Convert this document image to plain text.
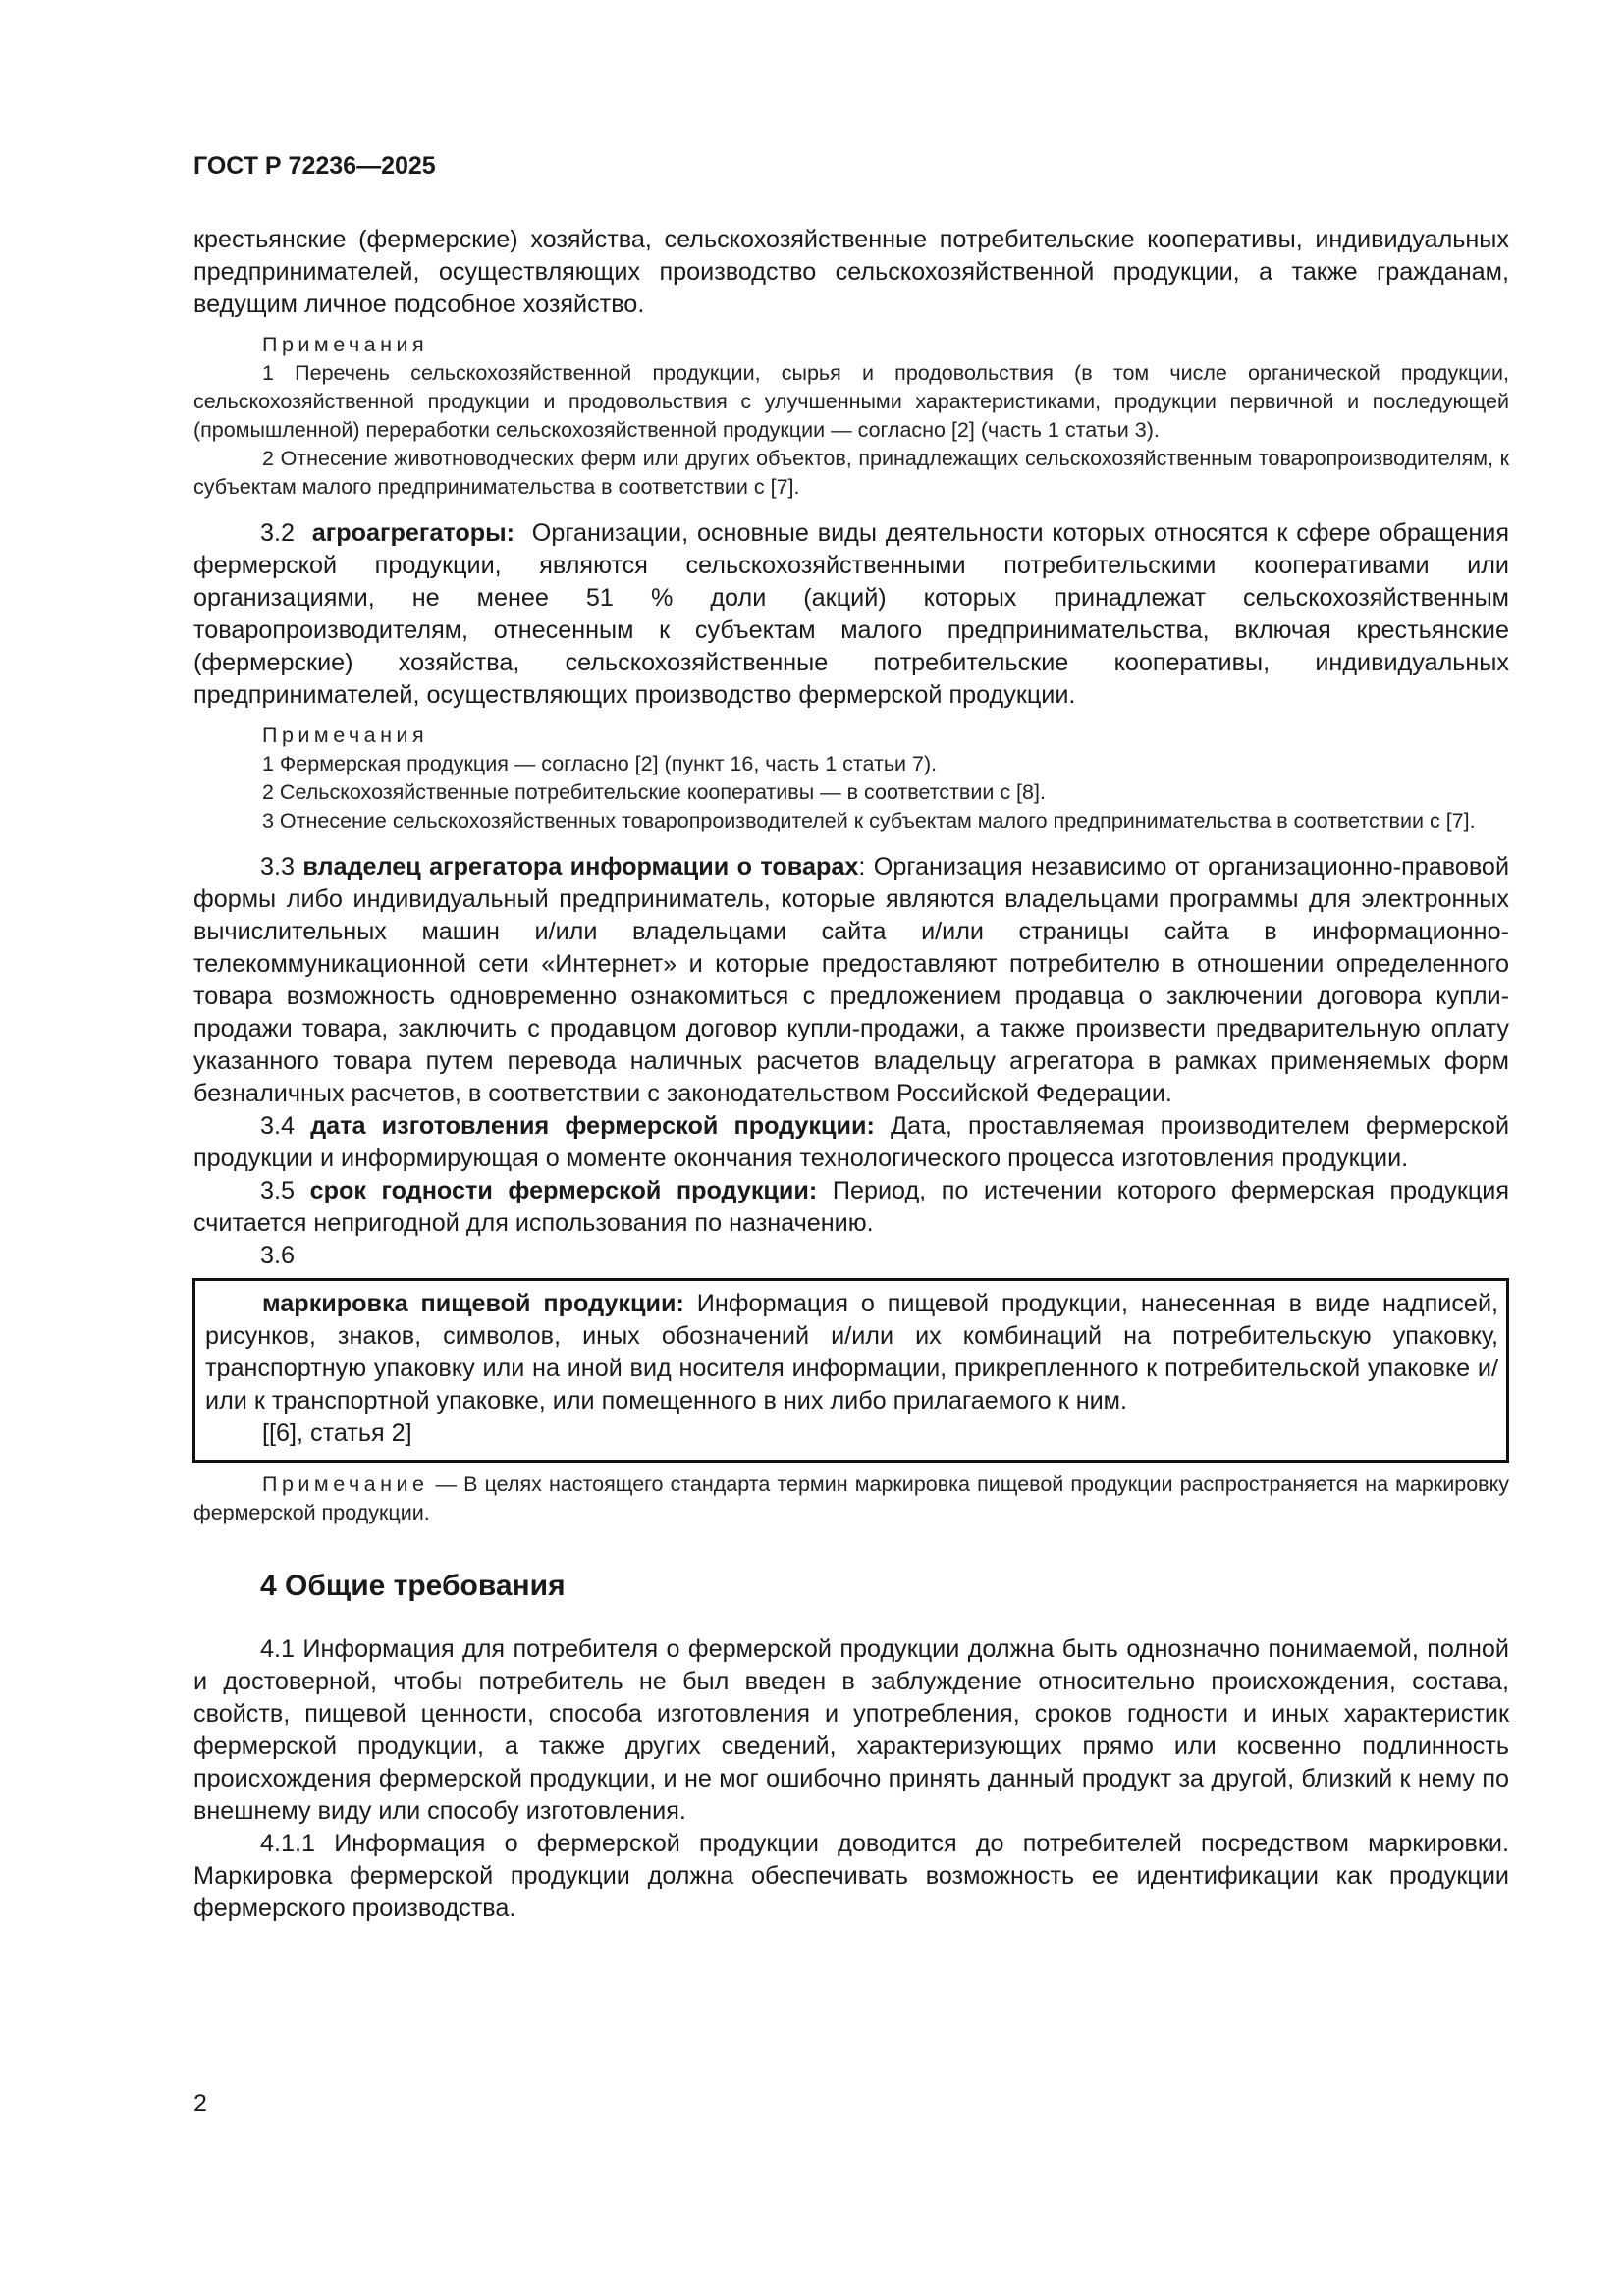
ГОСТ Р 72236—2025

крестьянские (фермерские) хозяйства, сельскохозяйственные потребительские кооперативы, индивидуальных предпринимателей, осуществляющих производство сельскохозяйственной продукции, а также гражданам, ведущим личное подсобное хозяйство.

Примечания

1 Перечень сельскохозяйственной продукции, сырья и продовольствия (в том числе органической продукции, сельскохозяйственной продукции и продовольствия с улучшенными характеристиками, продукции первичной и последующей (промышленной) переработки сельскохозяйственной продукции — согласно [2] (часть 1 статьи 3).

2 Отнесение животноводческих ферм или других объектов, принадлежащих сельскохозяйственным товаропроизводителям, к субъектам малого предпринимательства в соответствии с [7].

3.2 агроагрегаторы: Организации, основные виды деятельности которых относятся к сфере обращения фермерской продукции, являются сельскохозяйственными потребительскими кооперативами или организациями, не менее 51 % доли (акций) которых принадлежат сельскохозяйственным товаропроизводителям, отнесенным к субъектам малого предпринимательства, включая крестьянские (фермерские) хозяйства, сельскохозяйственные потребительские кооперативы, индивидуальных предпринимателей, осуществляющих производство фермерской продукции.

Примечания

1 Фермерская продукция — согласно [2] (пункт 16, часть 1 статьи 7).

2 Сельскохозяйственные потребительские кооперативы — в соответствии с [8].

3 Отнесение сельскохозяйственных товаропроизводителей к субъектам малого предпринимательства в соответствии с [7].

3.3 владелец агрегатора информации о товарах: Организация независимо от организационно-правовой формы либо индивидуальный предприниматель, которые являются владельцами программы для электронных вычислительных машин и/или владельцами сайта и/или страницы сайта в информационно-телекоммуникационной сети «Интернет» и которые предоставляют потребителю в отношении определенного товара возможность одновременно ознакомиться с предложением продавца о заключении договора купли-продажи товара, заключить с продавцом договор купли-продажи, а также произвести предварительную оплату указанного товара путем перевода наличных расчетов владельцу агрегатора в рамках применяемых форм безналичных расчетов, в соответствии с законодательством Российской Федерации.

3.4 дата изготовления фермерской продукции: Дата, проставляемая производителем фермерской продукции и информирующая о моменте окончания технологического процесса изготовления продукции.

3.5 срок годности фермерской продукции: Период, по истечении которого фермерская продукция считается непригодной для использования по назначению.

3.6

маркировка пищевой продукции: Информация о пищевой продукции, нанесенная в виде надписей, рисунков, знаков, символов, иных обозначений и/или их комбинаций на потребительскую упаковку, транспортную упаковку или на иной вид носителя информации, прикрепленного к потребительской упаковке и/или к транспортной упаковке, или помещенного в них либо прилагаемого к ним.

[[6], статья 2]

Примечание — В целях настоящего стандарта термин маркировка пищевой продукции распространяется на маркировку фермерской продукции.

4 Общие требования

4.1 Информация для потребителя о фермерской продукции должна быть однозначно понимаемой, полной и достоверной, чтобы потребитель не был введен в заблуждение относительно происхождения, состава, свойств, пищевой ценности, способа изготовления и употребления, сроков годности и иных характеристик фермерской продукции, а также других сведений, характеризующих прямо или косвенно подлинность происхождения фермерской продукции, и не мог ошибочно принять данный продукт за другой, близкий к нему по внешнему виду или способу изготовления.

4.1.1 Информация о фермерской продукции доводится до потребителей посредством маркировки. Маркировка фермерской продукции должна обеспечивать возможность ее идентификации как продукции фермерского производства.

2
